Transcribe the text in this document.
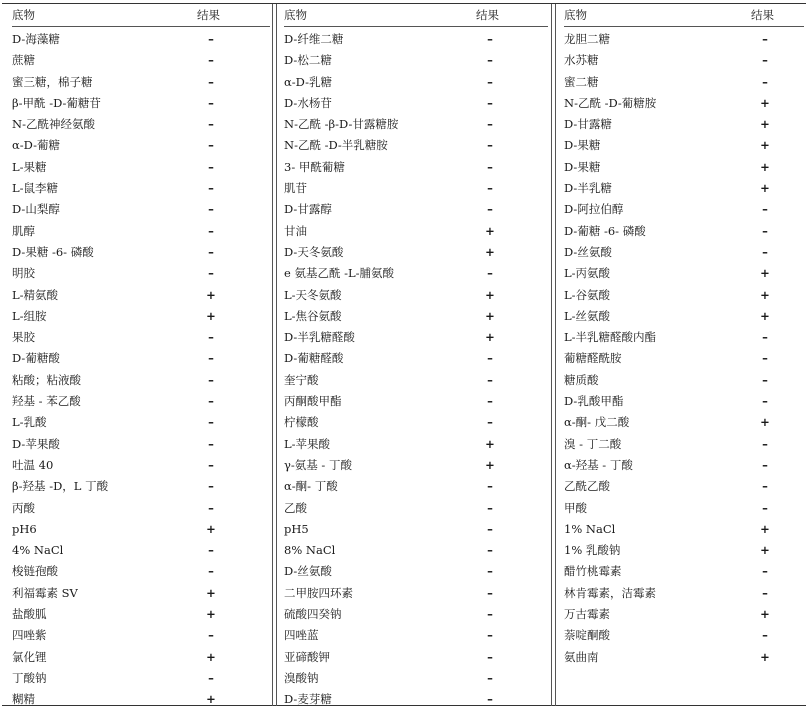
底物	结果
D-海藻糖	–
蔗糖	–
蜜三糖，棉子糖	–
β-甲酰 -D-葡糖苷	–
N-乙酰神经氨酸	–
α-D-葡糖	–
L-果糖	–
L-鼠李糖	–
D-山梨醇	–
肌醇	–
D-果糖 -6- 磷酸	–
明胶	–
L-精氨酸	+
L-组胺	+
果胶	–
D-葡糖酸	–
粘酸；粘液酸	–
羟基 - 苯乙酸	–
L-乳酸	–
D-苹果酸	–
吐温 40	–
β-羟基 -D，L 丁酸	–
丙酸	–
pH6	+
4% NaCl	–
梭链孢酸	–
利福霉素 SV	+
盐酸胍	+
四唑紫	–
氯化锂	+
丁酸钠	–
糊精	+
底物	结果
D-纤维二糖	–
D-松二糖	–
α-D-乳糖	–
D-水杨苷	–
N-乙酰 -β-D-甘露糖胺	–
N-乙酰 -D-半乳糖胺	–
3- 甲酰葡糖	–
肌苷	–
D-甘露醇	–
甘油	+
D-天冬氨酸	+
e 氨基乙酰 -L-脯氨酸	–
L-天冬氨酸	+
L-焦谷氨酸	+
D-半乳糖醛酸	+
D-葡糖醛酸	–
奎宁酸	–
丙酮酸甲酯	–
柠檬酸	–
L-苹果酸	+
γ-氨基 - 丁酸	+
α-酮- 丁酸	–
乙酸	–
pH5	–
8% NaCl	–
D-丝氨酸	–
二甲胺四环素	–
硫酸四癸钠	–
四唑蓝	–
亚碲酸钾	–
溴酸钠	–
D-麦芽糖	–
底物	结果
龙胆二糖	–
水苏糖	–
蜜二糖	–
N-乙酰 -D-葡糖胺	+
D-甘露糖	+
D-果糖	+
D-果糖	+
D-半乳糖	+
D-阿拉伯醇	–
D-葡糖 -6- 磷酸	–
D-丝氨酸	–
L-丙氨酸	+
L-谷氨酸	+
L-丝氨酸	+
L-半乳糖醛酸内酯	–
葡糖醛酰胺	–
糖质酸	–
D-乳酸甲酯	–
α-酮- 戊二酸	+
溴 - 丁二酸	–
α-羟基 - 丁酸	–
乙酰乙酸	–
甲酸	–
1% NaCl	+
1% 乳酸钠	+
醋竹桃霉素	–
林肯霉素，洁霉素	–
万古霉素	+
萘啶酮酸	–
氨曲南	+
